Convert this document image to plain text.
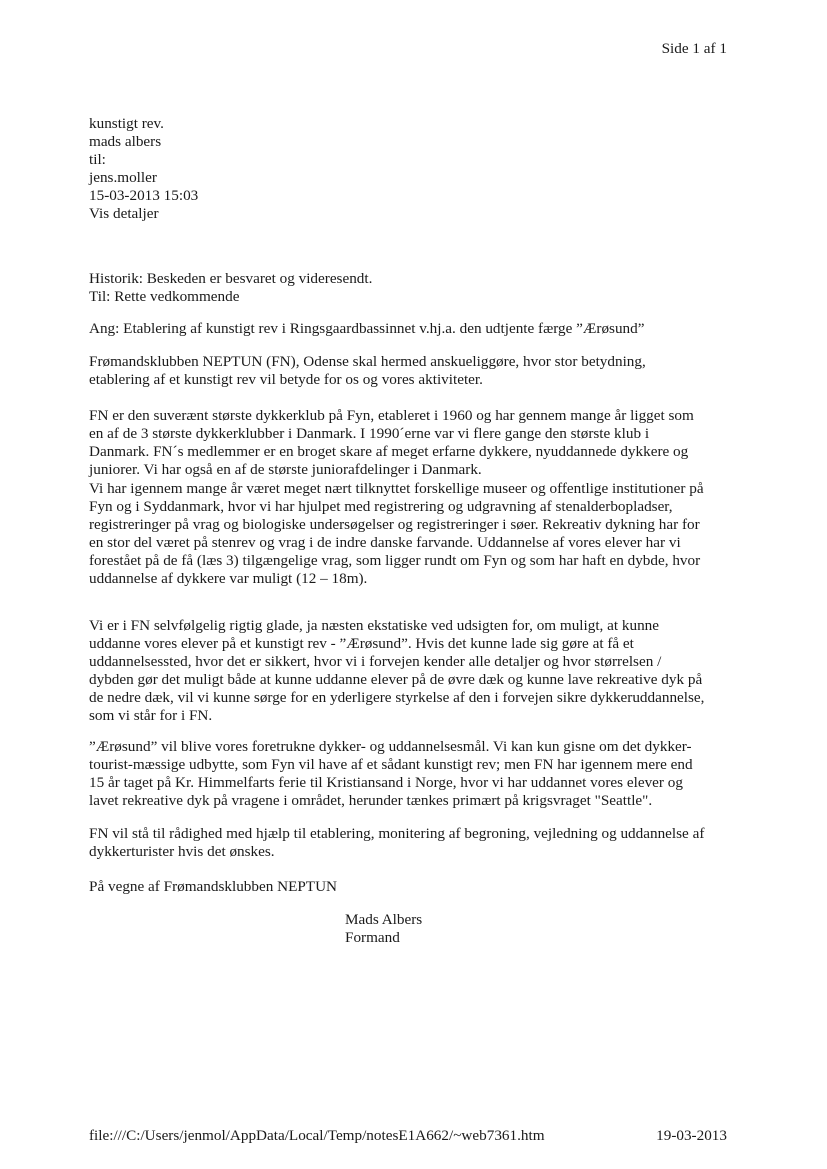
Side 1 af 1
kunstigt rev.
mads albers
til:
jens.moller
15-03-2013 15:03
Vis detaljer
Historik: Beskeden er besvaret og videresendt.
Til: Rette vedkommende
Ang: Etablering af kunstigt rev i Ringsgaardbassinnet v.hj.a. den udtjente færge ”Ærøsund”
Frømandsklubben NEPTUN (FN), Odense skal hermed anskueliggøre, hvor stor betydning,
etablering af et kunstigt rev vil betyde for os og vores aktiviteter.
FN er den suverænt største dykkerklub på Fyn, etableret i 1960 og har gennem mange år ligget som
en af de 3 største dykkerklubber i Danmark. I 1990´erne var vi flere gange den største klub i
Danmark. FN´s medlemmer er en broget skare af meget erfarne dykkere, nyuddannede dykkere og
juniorer. Vi har også en af de største juniorafdelinger i Danmark.
Vi har igennem mange år været meget nært tilknyttet forskellige museer og offentlige institutioner på
Fyn og i Syddanmark, hvor vi har hjulpet med registrering og udgravning af stenalderbopladser,
registreringer på vrag og biologiske undersøgelser og registreringer i søer. Rekreativ dykning har for
en stor del været på stenrev og vrag i de indre danske farvande. Uddannelse af vores elever har vi
forestået på de få (læs 3) tilgængelige vrag, som ligger rundt om Fyn og som har haft en dybde, hvor
uddannelse af dykkere var muligt (12 – 18m).
Vi er i FN selvfølgelig rigtig glade, ja næsten ekstatiske ved udsigten for, om muligt, at kunne
uddanne vores elever på et kunstigt rev - ”Ærøsund”. Hvis det kunne lade sig gøre at få et
uddannelsessted, hvor det er sikkert, hvor vi i forvejen kender alle detaljer og hvor størrelsen /
dybden gør det muligt både at kunne uddanne elever på de øvre dæk og kunne lave rekreative dyk på
de nedre dæk, vil vi kunne sørge for en yderligere styrkelse af den i forvejen sikre dykkeruddannelse,
som vi står for i FN.
”Ærøsund” vil blive vores foretrukne dykker- og uddannelsesmål. Vi kan kun gisne om det dykker-
tourist-mæssige udbytte, som Fyn vil have af et sådant kunstigt rev; men FN har igennem mere end
15 år taget på Kr. Himmelfarts ferie til Kristiansand i Norge, hvor vi har uddannet vores elever og
lavet rekreative dyk på vragene i området, herunder tænkes primært på krigsvraget "Seattle".
FN vil stå til rådighed med hjælp til etablering, monitering af begroning, vejledning og uddannelse af
dykkerturister hvis det ønskes.
På vegne af Frømandsklubben NEPTUN
Mads Albers
Formand
file:///C:/Users/jenmol/AppData/Local/Temp/notesE1A662/~web7361.htm	19-03-2013
